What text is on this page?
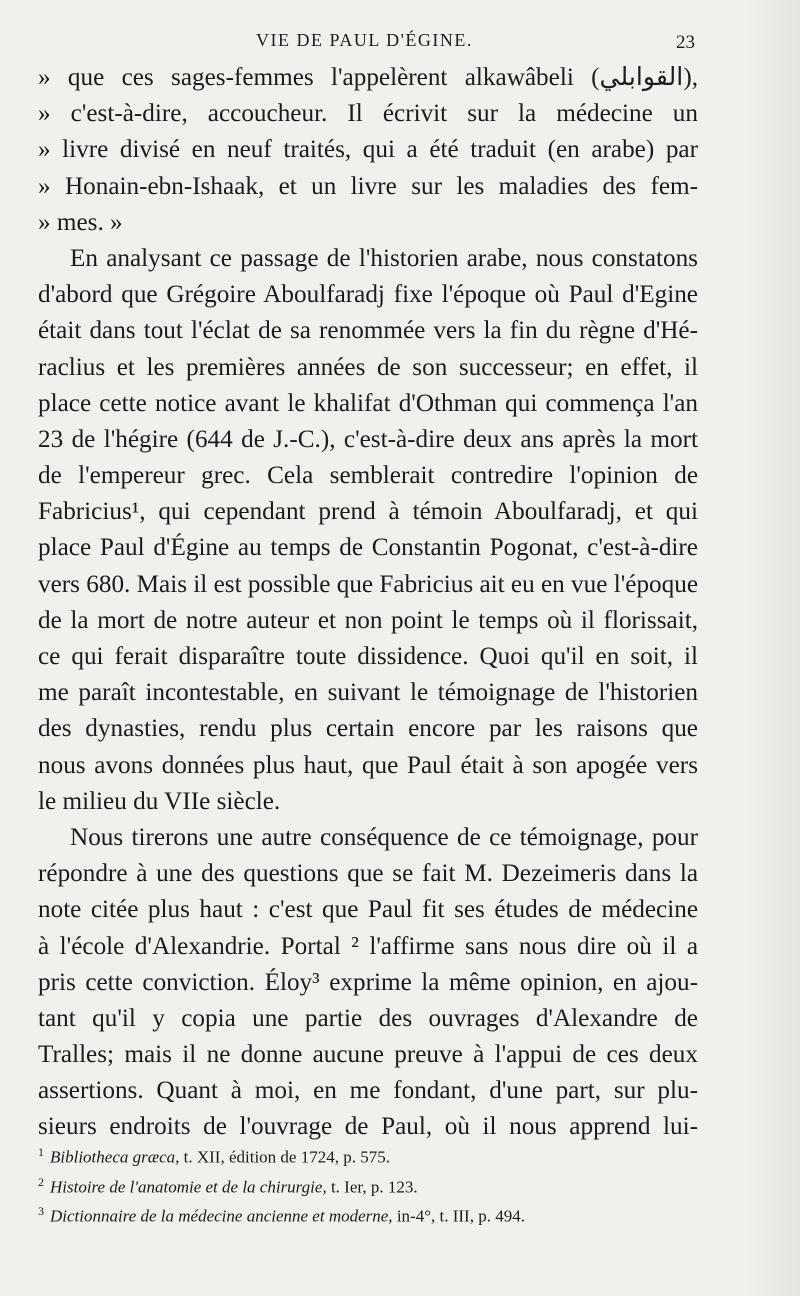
VIE DE PAUL D'ÉGINE.	23
» que ces sages-femmes l'appelèrent alkawâbeli (القوابلي),
» c'est-à-dire, accoucheur. Il écrivit sur la médecine un
» livre divisé en neuf traités, qui a été traduit (en arabe) par
» Honain-ebn-Ishaak, et un livre sur les maladies des fem-
» mes. »
En analysant ce passage de l'historien arabe, nous constatons
d'abord que Grégoire Aboulfaradj fixe l'époque où Paul d'Egine
était dans tout l'éclat de sa renommée vers la fin du règne d'Hé-
raclius et les premières années de son successeur; en effet, il
place cette notice avant le khalifat d'Othman qui commença l'an
23 de l'hégire (644 de J.-C.), c'est-à-dire deux ans après la mort
de l'empereur grec. Cela semblerait contredire l'opinion de
Fabricius¹, qui cependant prend à témoin Aboulfaradj, et qui
place Paul d'Égine au temps de Constantin Pogonat, c'est-à-dire
vers 680. Mais il est possible que Fabricius ait eu en vue l'époque
de la mort de notre auteur et non point le temps où il florissait,
ce qui ferait disparaître toute dissidence. Quoi qu'il en soit, il
me paraît incontestable, en suivant le témoignage de l'historien
des dynasties, rendu plus certain encore par les raisons que
nous avons données plus haut, que Paul était à son apogée vers
le milieu du VIIe siècle.
Nous tirerons une autre conséquence de ce témoignage, pour
répondre à une des questions que se fait M. Dezeimeris dans la
note citée plus haut : c'est que Paul fit ses études de médecine
à l'école d'Alexandrie. Portal ² l'affirme sans nous dire où il a
pris cette conviction. Éloy³ exprime la même opinion, en ajou-
tant qu'il y copia une partie des ouvrages d'Alexandre de
Tralles; mais il ne donne aucune preuve à l'appui de ces deux
assertions. Quant à moi, en me fondant, d'une part, sur plu-
sieurs endroits de l'ouvrage de Paul, où il nous apprend lui-
$^1$ Bibliotheca græca, t. XII, édition de 1724, p. 575.
$^2$ Histoire de l'anatomie et de la chirurgie, t. Ier, p. 123.
$^3$ Dictionnaire de la médecine ancienne et moderne, in-4°, t. III, p. 494.
